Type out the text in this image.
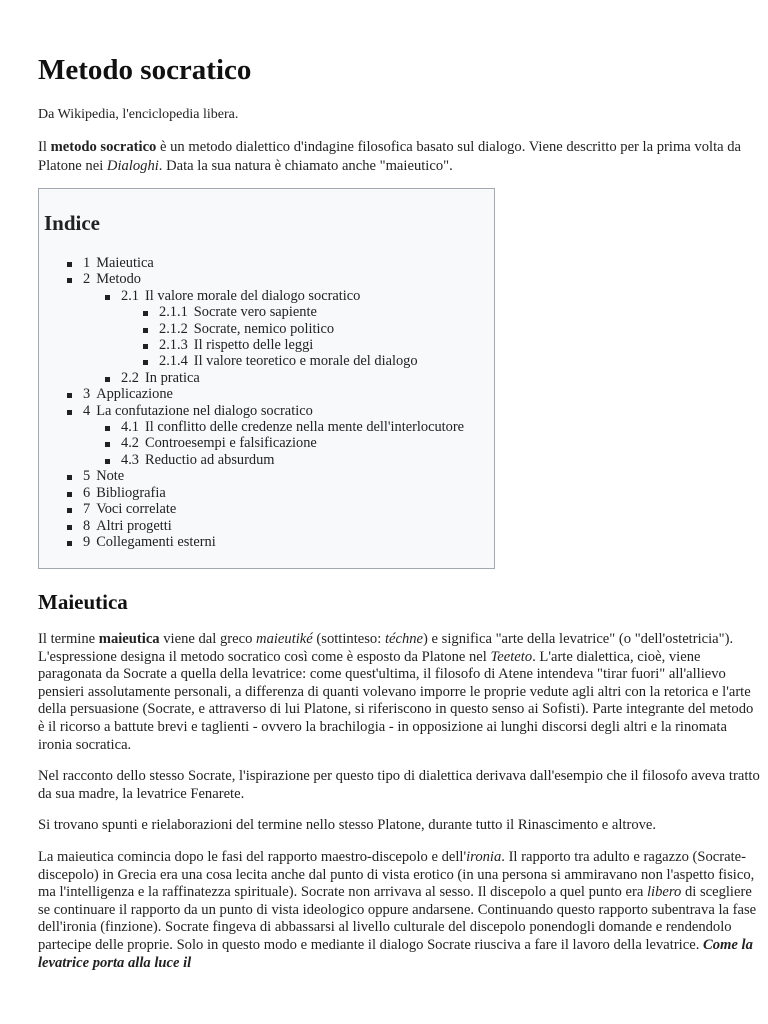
Metodo socratico

Da Wikipedia, l'enciclopedia libera.

Il metodo socratico è un metodo dialettico d'indagine filosofica basato sul dialogo. Viene descritto per la prima volta da Platone nei Dialoghi. Data la sua natura è chiamato anche "maieutico".

Indice
1 Maieutica
2 Metodo
2.1 Il valore morale del dialogo socratico
2.1.1 Socrate vero sapiente
2.1.2 Socrate, nemico politico
2.1.3 Il rispetto delle leggi
2.1.4 Il valore teoretico e morale del dialogo
2.2 In pratica
3 Applicazione
4 La confutazione nel dialogo socratico
4.1 Il conflitto delle credenze nella mente dell'interlocutore
4.2 Controesempi e falsificazione
4.3 Reductio ad absurdum
5 Note
6 Bibliografia
7 Voci correlate
8 Altri progetti
9 Collegamenti esterni
Maieutica

Il termine maieutica viene dal greco maieutiké (sottinteso: téchne) e significa "arte della levatrice" (o "dell'ostetricia"). L'espressione designa il metodo socratico così come è esposto da Platone nel Teeteto. L'arte dialettica, cioè, viene paragonata da Socrate a quella della levatrice: come quest'ultima, il filosofo di Atene intendeva "tirar fuori" all'allievo pensieri assolutamente personali, a differenza di quanti volevano imporre le proprie vedute agli altri con la retorica e l'arte della persuasione (Socrate, e attraverso di lui Platone, si riferiscono in questo senso ai Sofisti). Parte integrante del metodo è il ricorso a battute brevi e taglienti - ovvero la brachilogia - in opposizione ai lunghi discorsi degli altri e la rinomata ironia socratica.

Nel racconto dello stesso Socrate, l'ispirazione per questo tipo di dialettica derivava dall'esempio che il filosofo aveva tratto da sua madre, la levatrice Fenarete.

Si trovano spunti e rielaborazioni del termine nello stesso Platone, durante tutto il Rinascimento e altrove.

La maieutica comincia dopo le fasi del rapporto maestro-discepolo e dell'ironia. Il rapporto tra adulto e ragazzo (Socrate-discepolo) in Grecia era una cosa lecita anche dal punto di vista erotico (in una persona si ammiravano non l'aspetto fisico, ma l'intelligenza e la raffinatezza spirituale). Socrate non arrivava al sesso. Il discepolo a quel punto era libero di scegliere se continuare il rapporto da un punto di vista ideologico oppure andarsene. Continuando questo rapporto subentrava la fase dell'ironia (finzione). Socrate fingeva di abbassarsi al livello culturale del discepolo ponendogli domande e rendendolo partecipe delle proprie. Solo in questo modo e mediante il dialogo Socrate riusciva a fare il lavoro della levatrice. Come la levatrice porta alla luce il
